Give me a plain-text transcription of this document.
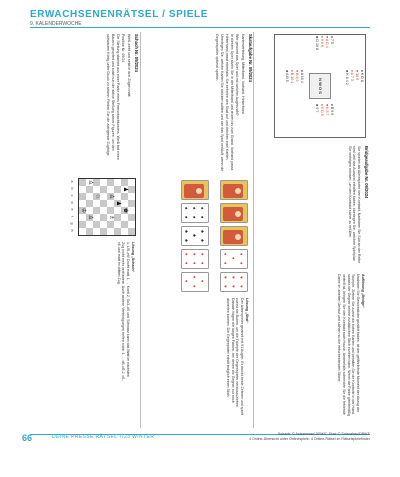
ERWACHSENENRÄTSEL / SPIELE
9. KALENDERWOCHE
♠ K D 8
♥ 10 9
♦ A 7 3
♣ K 6 4 2
♠ 7 5
♥ A D 4
♦ 9 8 6
♣ D 10 8
N

W

O

S
♠ B 9 6
♥ K 8 7
♦ K D 5
♣ 9 7
♠ A 10 4
♥ B 6 5
♦ B 10 4
♣ A B 5
Bridgeaufgabe Nr. 09/2024
Sie spielen als Alleinspieler den Kontrakt. Nachdem Sie Süd an der Reihe sind und das Ausspiel erhalten haben, überlegen Sie, welchen Spielplan Sie verfolgen müssen, um den Kontrakt sicher zu erfüllen.
Auflösung „Bridge“
Nachdem Sie Gewinnstiche gezählt haben, ist der gefährlichste Moment der Abzug der Trümpfe. Ziehen Sie zuerst die hohen Karten und behalten Sie die Kontrolle in der Hand, sodass der Gegner keinen zusätzlichen Stich erzielen kann. Wenn die Farbe gleichmäßig verteilt ist, bringen Sie den Kontrakt nach Hause. Andernfalls schneiden Sie die fehlende Dame im zweiten Umlauf und sichern so die entscheidenden Stiche.
Skataufgabe Nr. 09/2024
Kartenverteilung: Mittelhand, Vorhand, Hinterhand
Wer gewinnt das Spiel und mit welcher Augenzahl?
In diesem Spiel sitzen Sie in der Mittelhand und reizen bis zum Grand. Vorhand passt, Hinterhand passt ebenfalls. Sie nehmen den Skat auf und drücken zwei Karten. Überlegen Sie, welche Karten Sie drücken sollten und wie das Spiel verläuft, wenn die Gegenspieler optimal spielen.
♦
♦
♦
♦
♦
♥
♥
♥
♥
♥
♥
♠
♠
♠
♠
♠
♠
♣
♣
♣
♣
♣
♦
♦
♦
♦
♦
♦
♦
♦
♦
♦
Lösung „Skat“
Der Alleinspieler gewinnt mit 91 Augen. Er drückt beide Zehnen und spielt zuerst die Buben, um die Trümpfe der Gegenspieler herauszuziehen. Danach folgen die langen Farben, bei denen die Gegner nur noch abwerfen können. Die Gegenpartei erhält lediglich einen Stich.
Schach Nr. 09/2024
Weiß zieht und setzt in drei Zügen matt
Position Nr. 09/24
Die Stellung stammt aus einer Partie eines Fernschachturniers. Weiß hat einen Bauern geopfert und nutzt nun die aktive Stellung seiner Figuren, um den schwarzen König unter Druck zu setzen. Finden Sie die zwingende Zugfolge.
♟
♚
♟
♙
♗
♘
♙
♙
♔
a
b
c
d
e
f
g
h
Lösung „Schach“
1. Lf5–e6! Droht matt. 1. ... Kxe6 2. Sc3–d5 und Schwarz kann das Matt im nächsten Zug nicht mehr verhindern. Auch andere Verteidigungen helfen nicht: 1. ... d6–d5 2. c5–c6 und matt im dritten Zug.
66	DEINE PRESSE RÄTSEL 7/23 WINTER	Schach: © Aufsammerl DRIKE, Skat: © Schwabes/DRIKE
4 Online-Übersicht unter Onlinespiele: 4 Online-Rätsel im Rätselspielefinder
